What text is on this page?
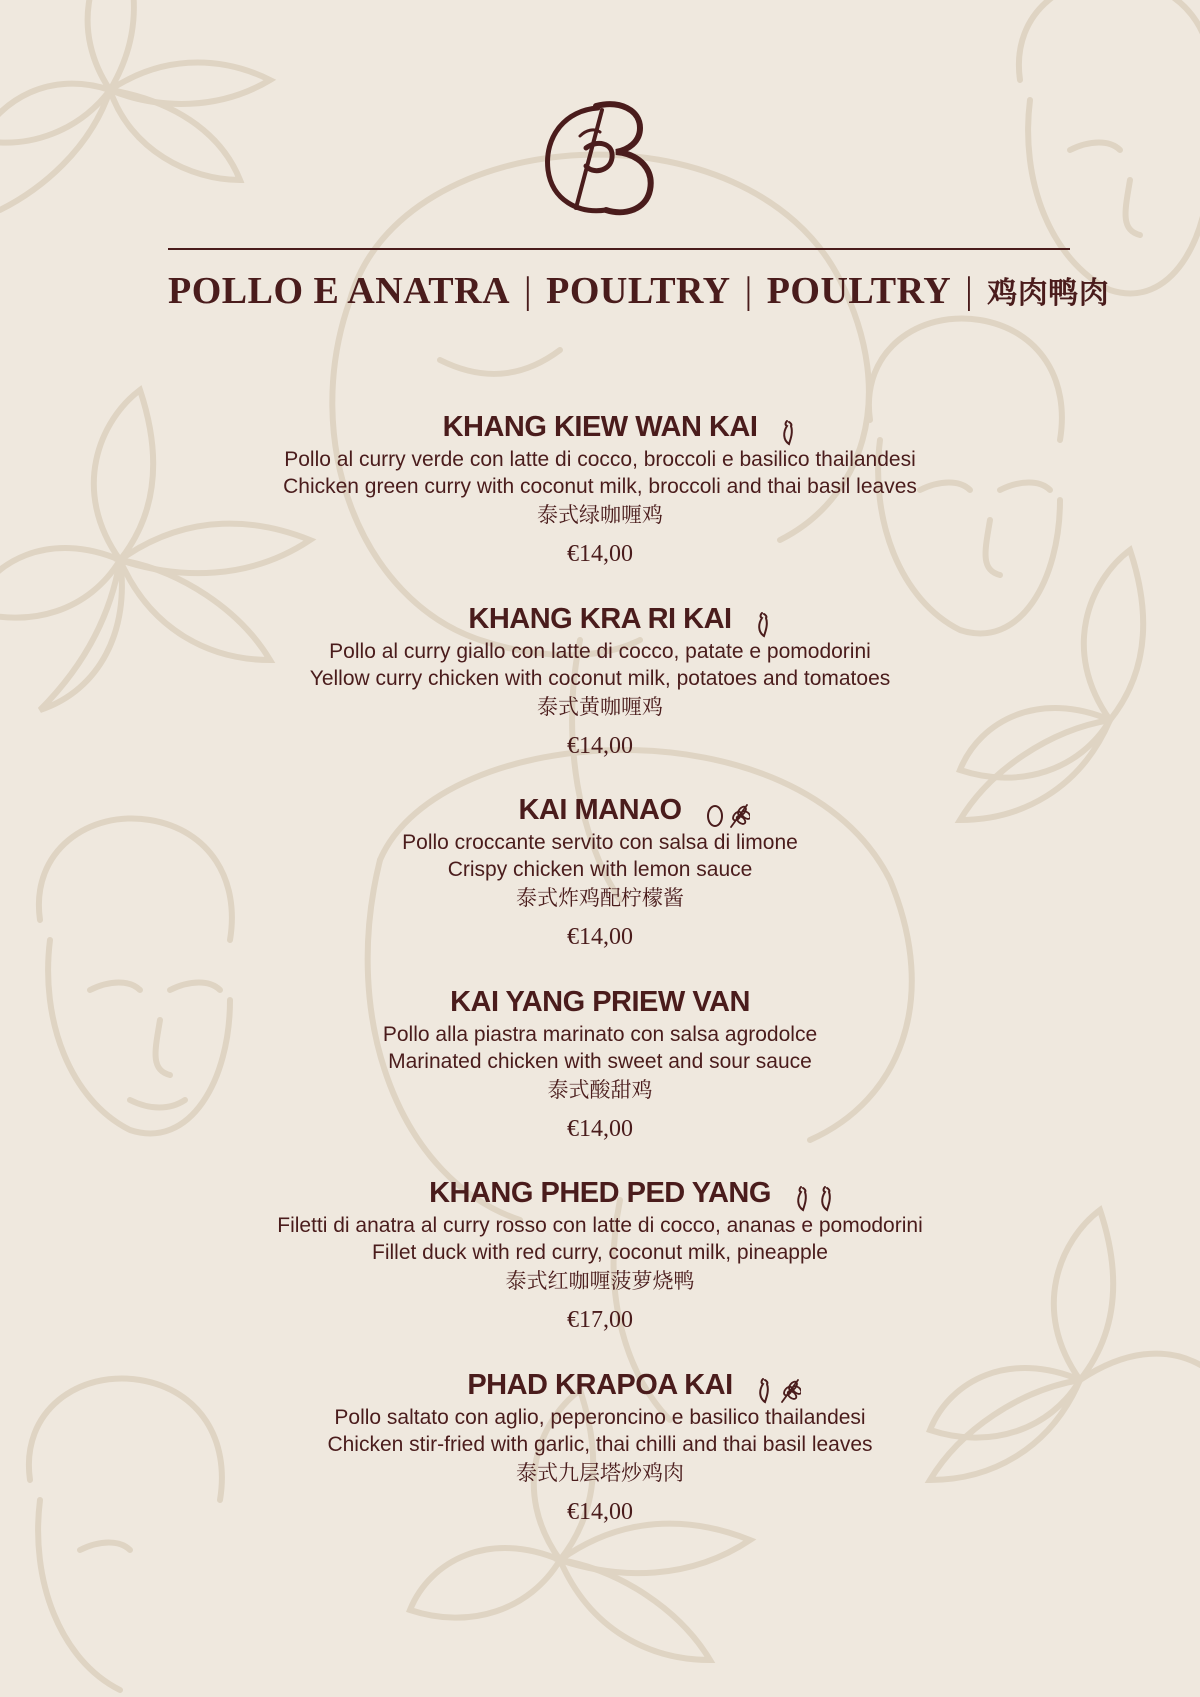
POLLO E ANATRA | POULTRY | POULTRY | 鸡肉鸭肉
KHANG KIEW WAN KAI
Pollo al curry verde con latte di cocco, broccoli e basilico thailandesi
Chicken green curry with coconut milk, broccoli and thai basil leaves
泰式绿咖喱鸡
€14,00
KHANG KRA RI KAI
Pollo al curry giallo con latte di cocco, patate e pomodorini
Yellow curry chicken with coconut milk, potatoes and tomatoes
泰式黄咖喱鸡
€14,00
KAI MANAO
Pollo croccante servito con salsa di limone
Crispy chicken with lemon sauce
泰式炸鸡配柠檬酱
€14,00
KAI YANG PRIEW VAN
Pollo alla piastra marinato con salsa agrodolce
Marinated chicken with sweet and sour sauce
泰式酸甜鸡
€14,00
KHANG PHED PED YANG
Filetti di anatra al curry rosso con latte di cocco, ananas e pomodorini
Fillet duck with red curry, coconut milk, pineapple
泰式红咖喱菠萝烧鸭
€17,00
PHAD KRAPOA KAI
Pollo saltato con aglio, peperoncino e basilico thailandesi
Chicken stir-fried with garlic, thai chilli and thai basil leaves
泰式九层塔炒鸡肉
€14,00
